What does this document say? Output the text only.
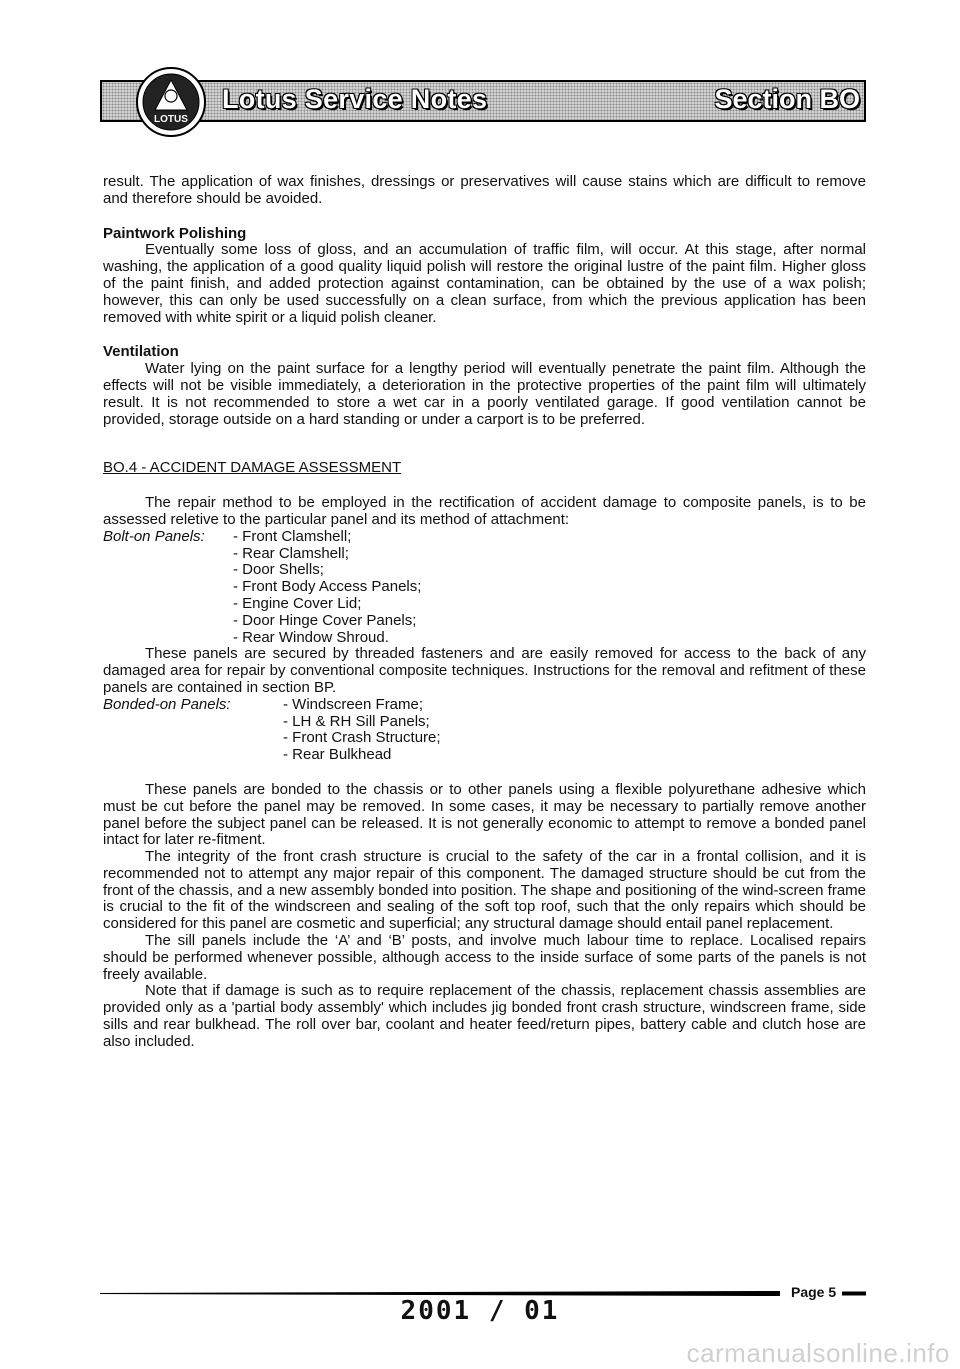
LOTUS
Lotus Service Notes	Section BO

result. The application of wax finishes, dressings or preservatives will cause stains which are difficult to remove and therefore should be avoided.

Paintwork Polishing

Eventually some loss of gloss, and an accumulation of traffic film, will occur. At this stage, after normal washing, the application of a good quality liquid polish will restore the original lustre of the paint film. Higher gloss of the paint finish, and added protection against contamination, can be obtained by the use of a wax polish; however, this can only be used successfully on a clean surface, from which the previous application has been removed with white spirit or a liquid polish cleaner.

Ventilation

Water lying on the paint surface for a lengthy period will eventually penetrate the paint film. Although the effects will not be visible immediately, a deterioration in the protective properties of the paint film will ultimately result. It is not recommended to store a wet car in a poorly ventilated garage. If good ventilation cannot be provided, storage outside on a hard standing or under a carport is to be preferred.

BO.4 - ACCIDENT DAMAGE ASSESSMENT

The repair method to be employed in the rectification of accident damage to composite panels, is to be assessed reletive to the particular panel and its method of attachment:

Bolt-on Panels:	- Front Clamshell;
- Rear Clamshell;
- Door Shells;
- Front Body Access Panels;
- Engine Cover Lid;
- Door Hinge Cover Panels;
- Rear Window Shroud.

These panels are secured by threaded fasteners and are easily removed for access to the back of any damaged area for repair by conventional composite techniques. Instructions for the removal and refitment of these panels are contained in section BP.

Bonded-on Panels:	- Windscreen Frame;
- LH & RH Sill Panels;
- Front Crash Structure;
- Rear Bulkhead

These panels are bonded to the chassis or to other panels using a flexible polyurethane adhesive which must be cut before the panel may be removed. In some cases, it may be necessary to partially remove another panel before the subject panel can be released. It is not generally economic to attempt to remove a bonded panel intact for later re-fitment.

The integrity of the front crash structure is crucial to the safety of the car in a frontal collision, and it is recommended not to attempt any major repair of this component. The damaged structure should be cut from the front of the chassis, and a new assembly bonded into position. The shape and positioning of the wind-screen frame is crucial to the fit of the windscreen and sealing of the soft top roof, such that the only repairs which should be considered for this panel are cosmetic and superficial; any structural damage should entail panel replacement.

The sill panels include the ‘A’ and ‘B’ posts, and involve much labour time to replace. Localised repairs should be performed whenever possible, although access to the inside surface of some parts of the panels is not freely available.

Note that if damage is such as to require replacement of the chassis, replacement chassis assemblies are provided only as a 'partial body assembly' which includes jig bonded front crash structure, windscreen frame, side sills and rear bulkhead. The roll over bar, coolant and heater feed/return pipes, battery cable and clutch hose are also included.

Page 5
2001 / 01
carmanualsonline.info
